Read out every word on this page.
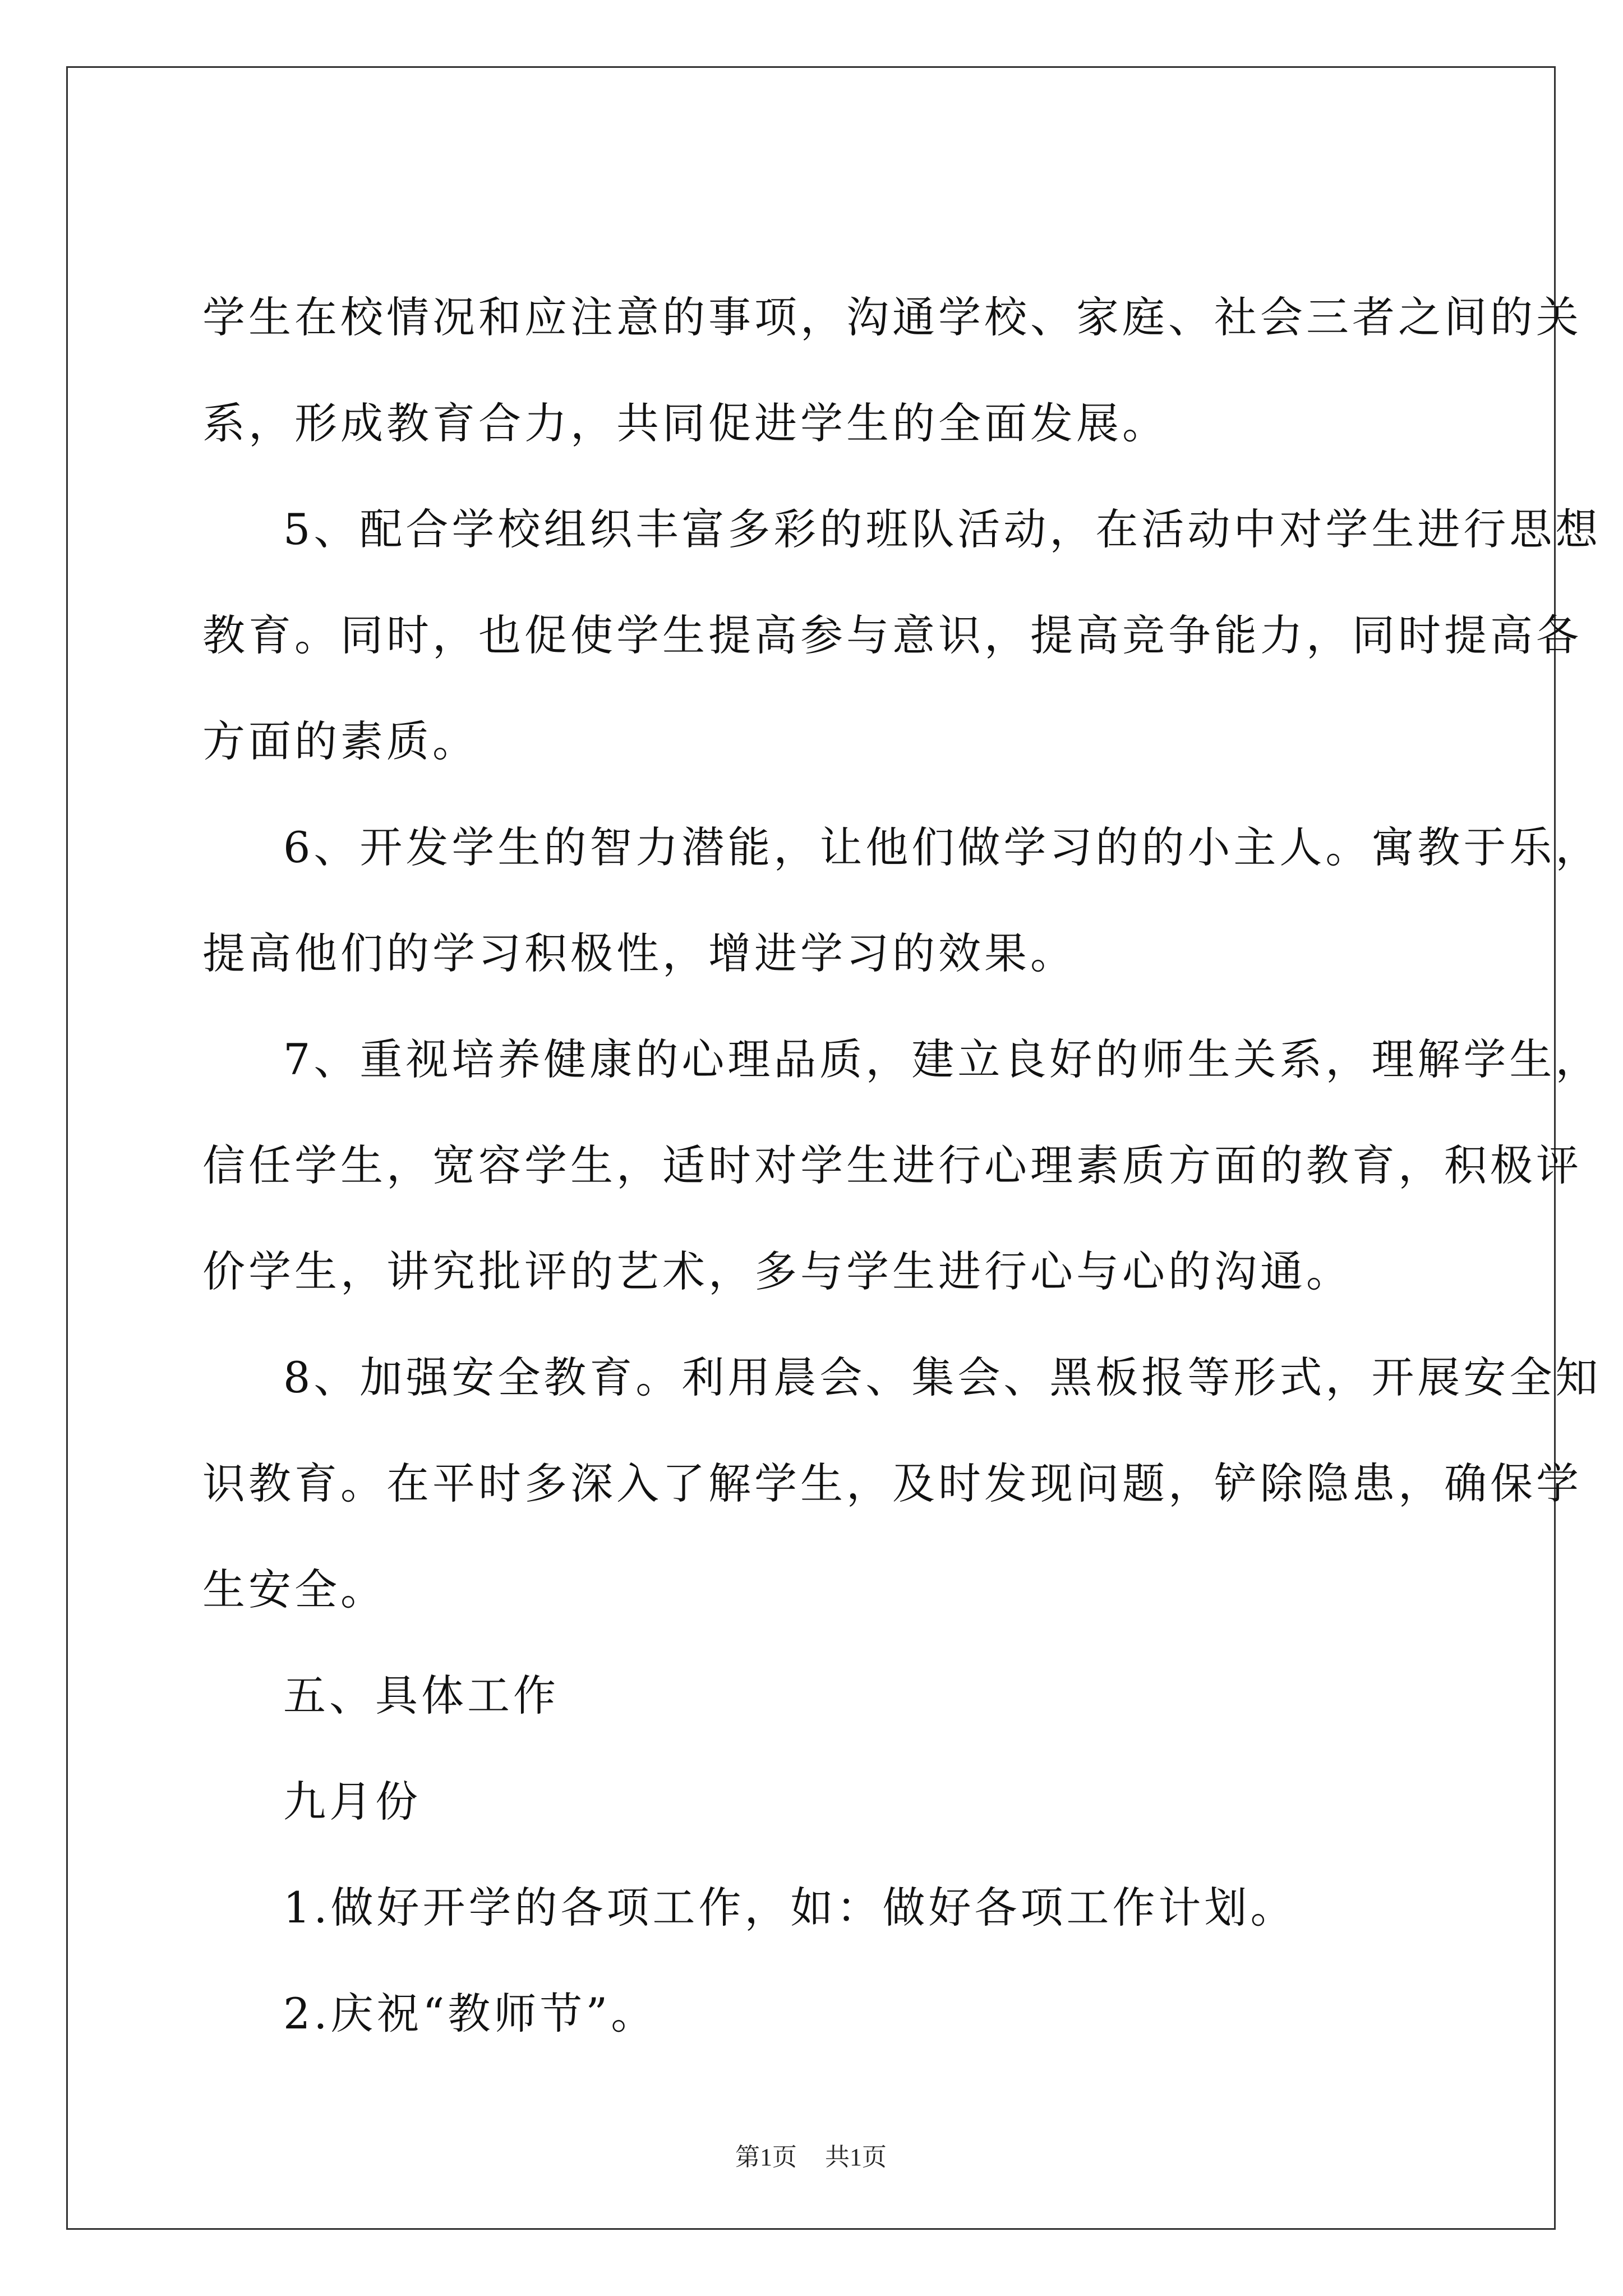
学生在校情况和应注意的事项，沟通学校、家庭、社会三者之间的关
系，形成教育合力，共同促进学生的全面发展。
5、配合学校组织丰富多彩的班队活动，在活动中对学生进行思想
教育。同时，也促使学生提高参与意识，提高竞争能力，同时提高各
方面的素质。
6、开发学生的智力潜能，让他们做学习的的小主人。寓教于乐，
提高他们的学习积极性，增进学习的效果。
7、重视培养健康的心理品质，建立良好的师生关系，理解学生，
信任学生，宽容学生，适时对学生进行心理素质方面的教育，积极评
价学生，讲究批评的艺术，多与学生进行心与心的沟通。
8、加强安全教育。利用晨会、集会、黑板报等形式，开展安全知
识教育。在平时多深入了解学生，及时发现问题，铲除隐患，确保学
生安全。
五、具体工作
九月份
1.做好开学的各项工作，如：做好各项工作计划。
2.庆祝“教师节”。
第1页 共1页
